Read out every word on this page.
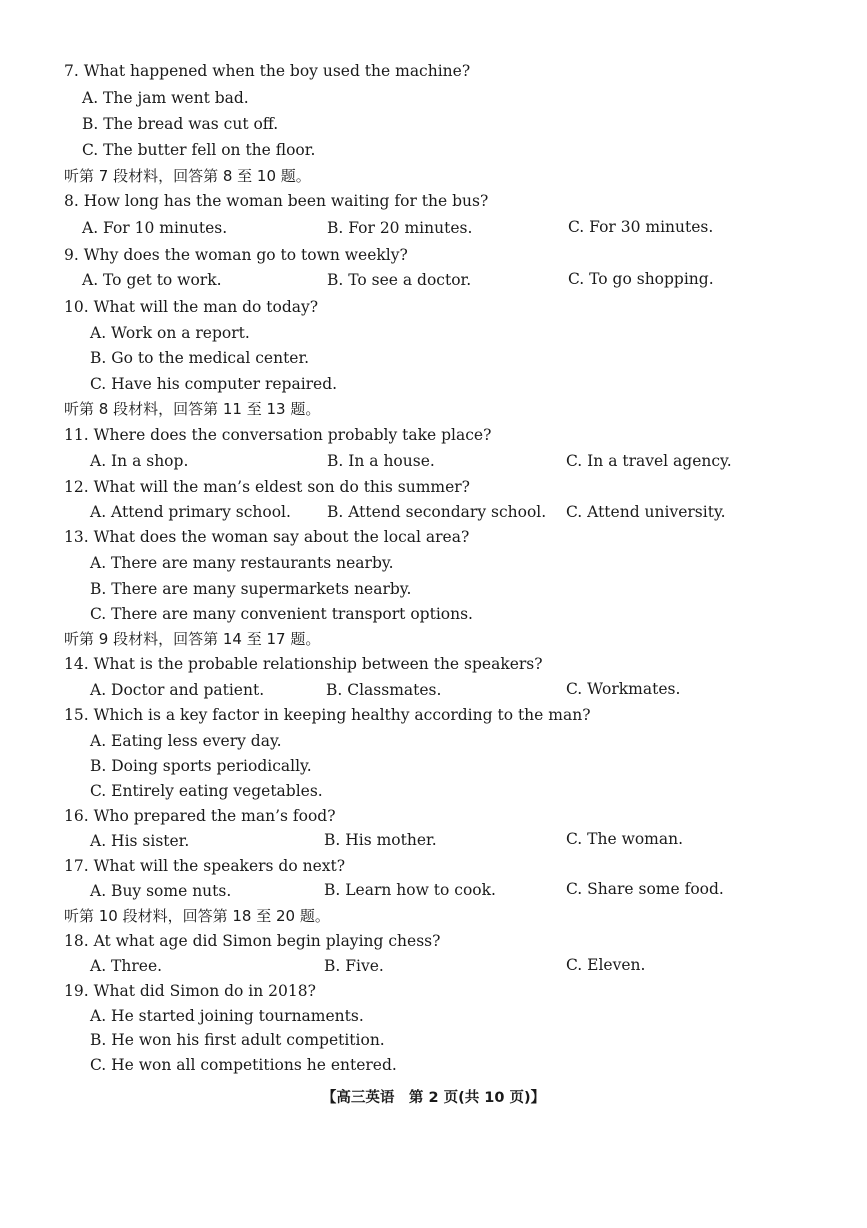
7. What happened when the boy used the machine?
A. The jam went bad.
B. The bread was cut off.
C. The butter fell on the floor.
听第 7 段材料，回答第 8 至 10 题。
8. How long has the woman been waiting for the bus?
A. For 10 minutes.	B. For 20 minutes.	C. For 30 minutes.
9. Why does the woman go to town weekly?
A. To get to work.	B. To see a doctor.	C. To go shopping.
10. What will the man do today?
A. Work on a report.
B. Go to the medical center.
C. Have his computer repaired.
听第 8 段材料，回答第 11 至 13 题。
11. Where does the conversation probably take place?
A. In a shop.	B. In a house.	C. In a travel agency.
12. What will the man’s eldest son do this summer?
A. Attend primary school. B. Attend secondary school. C. Attend university.
13. What does the woman say about the local area?
A. There are many restaurants nearby.
B. There are many supermarkets nearby.
C. There are many convenient transport options.
听第 9 段材料，回答第 14 至 17 题。
14. What is the probable relationship between the speakers?
A. Doctor and patient.	B. Classmates.	C. Workmates.
15. Which is a key factor in keeping healthy according to the man?
A. Eating less every day.
B. Doing sports periodically.
C. Entirely eating vegetables.
16. Who prepared the man’s food?
A. His sister.	B. His mother.	C. The woman.
17. What will the speakers do next?
A. Buy some nuts.	B. Learn how to cook.	C. Share some food.
听第 10 段材料，回答第 18 至 20 题。
18. At what age did Simon begin playing chess?
A. Three.	B. Five.	C. Eleven.
19. What did Simon do in 2018?
A. He started joining tournaments.
B. He won his first adult competition.
C. He won all competitions he entered.
【高三英语　第 2 页(共 10 页)】
